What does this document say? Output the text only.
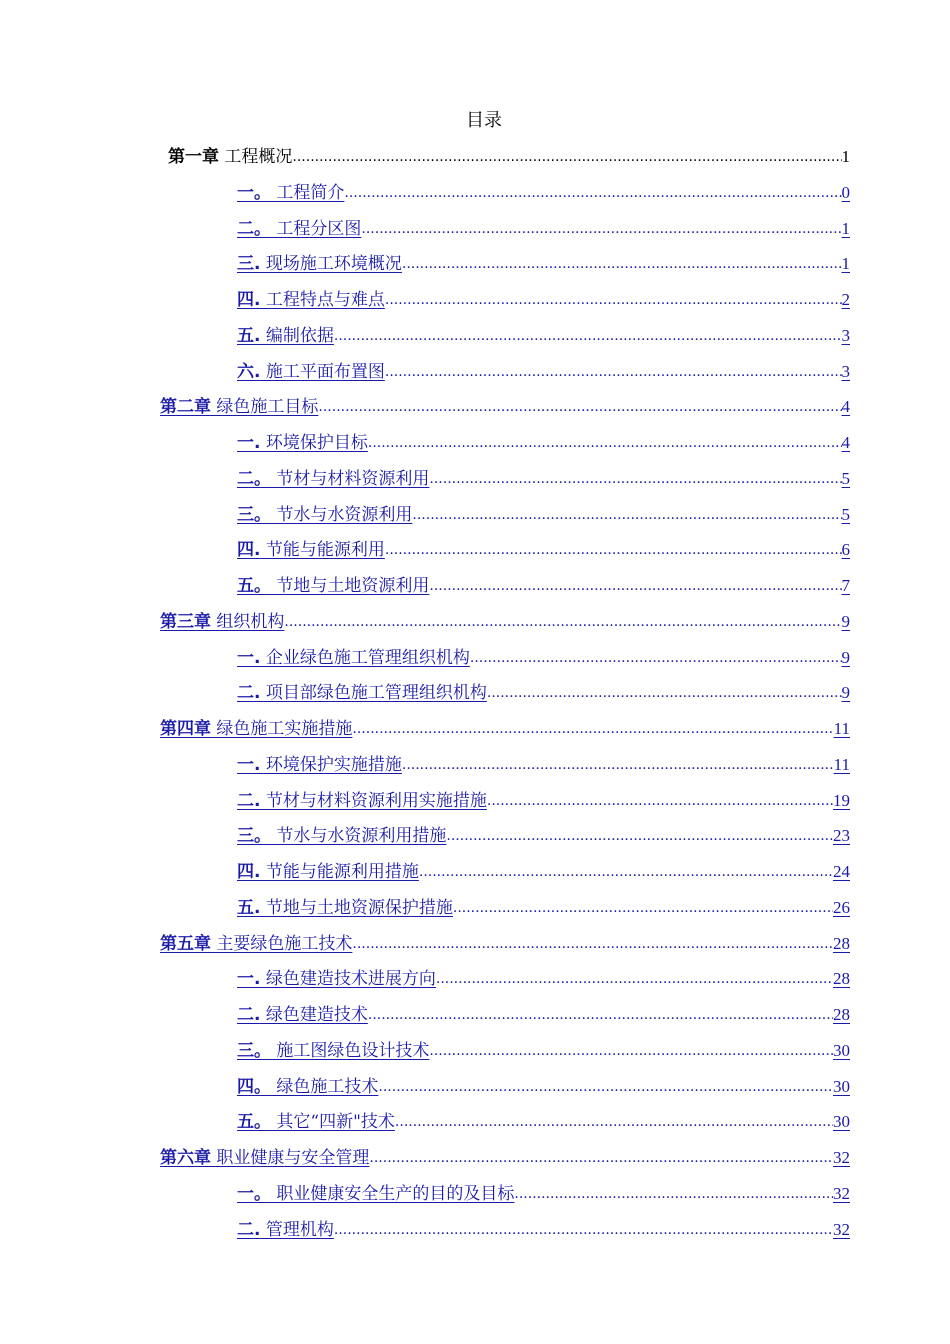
目录
第一章 工程概况 .....	1
一。 工程简介 .....	0
二。 工程分区图 .....	1
三. 现场施工环境概况 .....	1
四. 工程特点与难点 .....	2
五. 编制依据 .....	3
六. 施工平面布置图 .....	3
第二章 绿色施工目标 .....	4
一. 环境保护目标 .....	4
二。 节材与材料资源利用 .....	5
三。 节水与水资源利用 .....	5
四. 节能与能源利用 .....	6
五。 节地与土地资源利用 .....	7
第三章 组织机构 .....	9
一. 企业绿色施工管理组织机构 .....	9
二. 项目部绿色施工管理组织机构 .....	9
第四章 绿色施工实施措施 .....	11
一. 环境保护实施措施 .....	11
二. 节材与材料资源利用实施措施 .....	19
三。 节水与水资源利用措施 .....	23
四. 节能与能源利用措施 .....	24
五. 节地与土地资源保护措施 .....	26
第五章 主要绿色施工技术 .....	28
一. 绿色建造技术进展方向 .....	28
二. 绿色建造技术 .....	28
三。 施工图绿色设计技术 .....	30
四。 绿色施工技术 .....	30
五。 其它“四新"技术 .....	30
第六章 职业健康与安全管理 .....	32
一。 职业健康安全生产的目的及目标 .....	32
二. 管理机构 .....	32
